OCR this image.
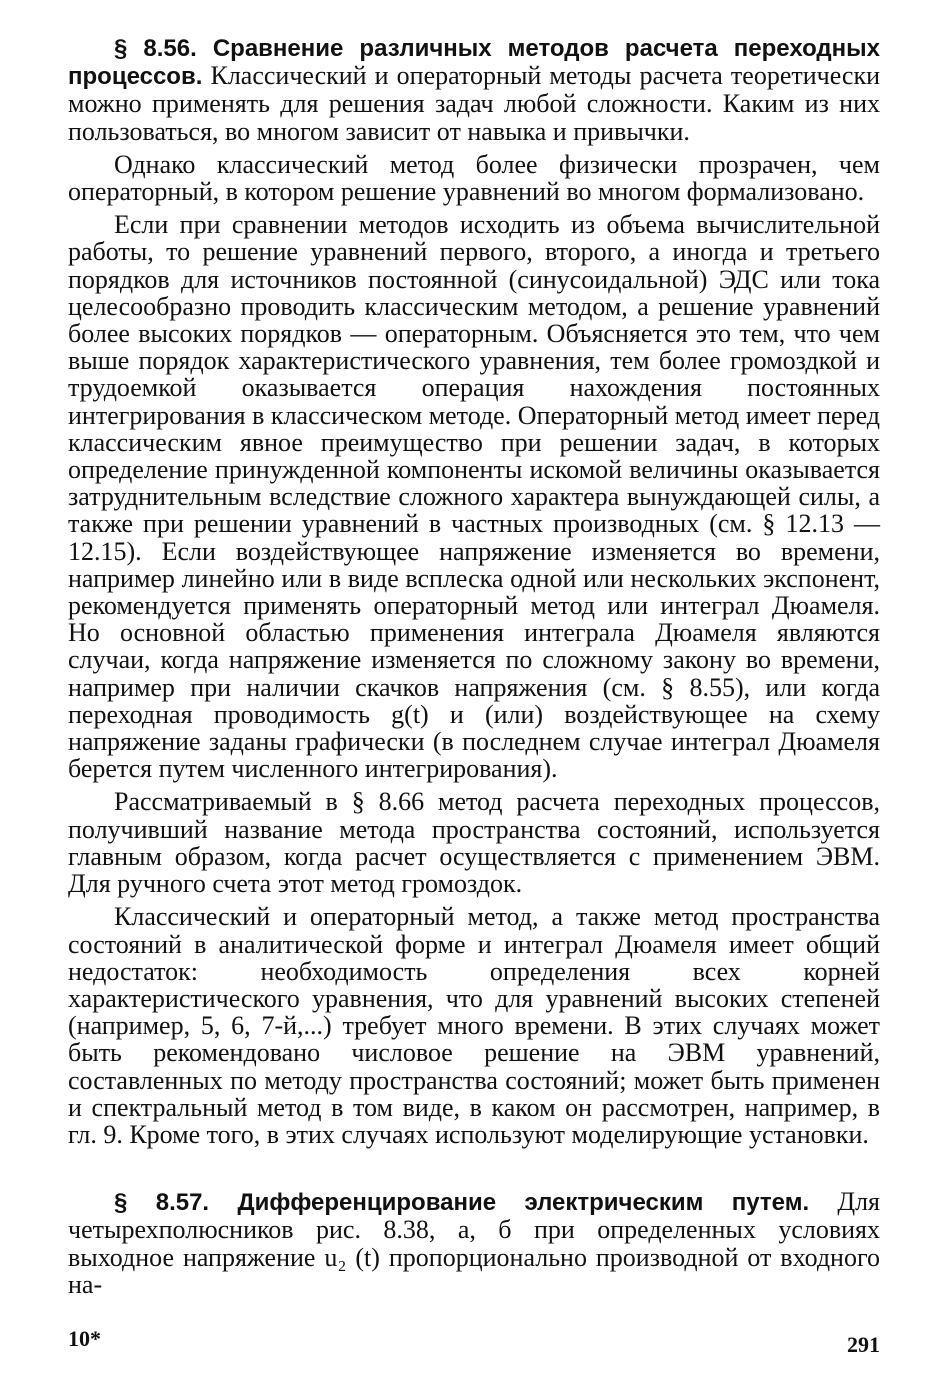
§ 8.56. Сравнение различных методов расчета переходных процессов. Классический и операторный методы расчета теоретически можно применять для решения задач любой сложности. Каким из них пользоваться, во многом зависит от навыка и привычки.

Однако классический метод более физически прозрачен, чем операторный, в котором решение уравнений во многом формализовано.

Если при сравнении методов исходить из объема вычислительной работы, то решение уравнений первого, второго, а иногда и третьего порядков для источников постоянной (синусоидальной) ЭДС или тока целесообразно проводить классическим методом, а решение уравнений более высоких порядков — операторным. Объясняется это тем, что чем выше порядок характеристического уравнения, тем более громоздкой и трудоемкой оказывается операция нахождения постоянных интегрирования в классическом методе. Операторный метод имеет перед классическим явное преимущество при решении задач, в которых определение принужденной компоненты искомой величины оказывается затруднительным вследствие сложного характера вынуждающей силы, а также при решении уравнений в частных производных (см. § 12.13 — 12.15). Если воздействующее напряжение изменяется во времени, например линейно или в виде всплеска одной или нескольких экспонент, рекомендуется применять операторный метод или интеграл Дюамеля. Но основной областью применения интеграла Дюамеля являются случаи, когда напряжение изменяется по сложному закону во времени, например при наличии скачков напряжения (см. § 8.55), или когда переходная проводимость g(t) и (или) воздействующее на схему напряжение заданы графически (в последнем случае интеграл Дюамеля берется путем численного интегрирования).

Рассматриваемый в § 8.66 метод расчета переходных процессов, получивший название метода пространства состояний, используется главным образом, когда расчет осуществляется с применением ЭВМ. Для ручного счета этот метод громоздок.

Классический и операторный метод, а также метод пространства состояний в аналитической форме и интеграл Дюамеля имеет общий недостаток: необходимость определения всех корней характеристического уравнения, что для уравнений высоких степеней (например, 5, 6, 7-й,...) требует много времени. В этих случаях может быть рекомендовано числовое решение на ЭВМ уравнений, составленных по методу пространства состояний; может быть применен и спектральный метод в том виде, в каком он рассмотрен, например, в гл. 9. Кроме того, в этих случаях используют моделирующие установки.

§ 8.57. Дифференцирование электрическим путем. Для четырехполюсников рис. 8.38, а, б при определенных условиях выходное напряжение u₂ (t) пропорционально производной от входного на-

10*	291
